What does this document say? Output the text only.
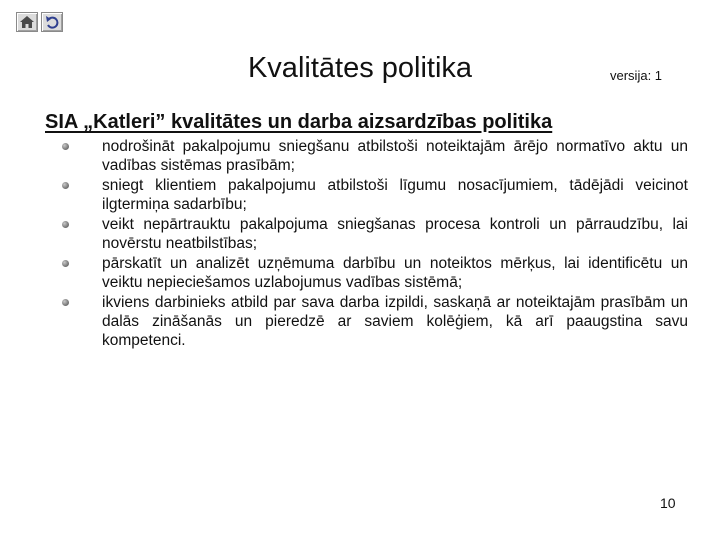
Kvalitātes politika	versija: 1
SIA „Katleri” kvalitātes un darba aizsardzības politika
nodrošināt pakalpojumu sniegšanu atbilstoši noteiktajām ārējo normatīvo aktu un vadības sistēmas prasībām;
sniegt klientiem pakalpojumu atbilstoši līgumu nosacījumiem, tādējādi veicinot ilgtermiņa sadarbību;
veikt nepārtrauktu pakalpojuma sniegšanas procesa kontroli un pārraudzību, lai novērstu neatbilstības;
pārskatīt un analizēt uzņēmuma darbību un noteiktos mērķus, lai identificētu un veiktu nepieciešamos uzlabojumus vadības sistēmā;
ikviens darbinieks atbild par sava darba izpildi, saskaņā ar noteiktajām prasībām un dalās zināšanās un pieredzē ar saviem kolēģiem, kā arī paaugstina savu kompetenci.
10
